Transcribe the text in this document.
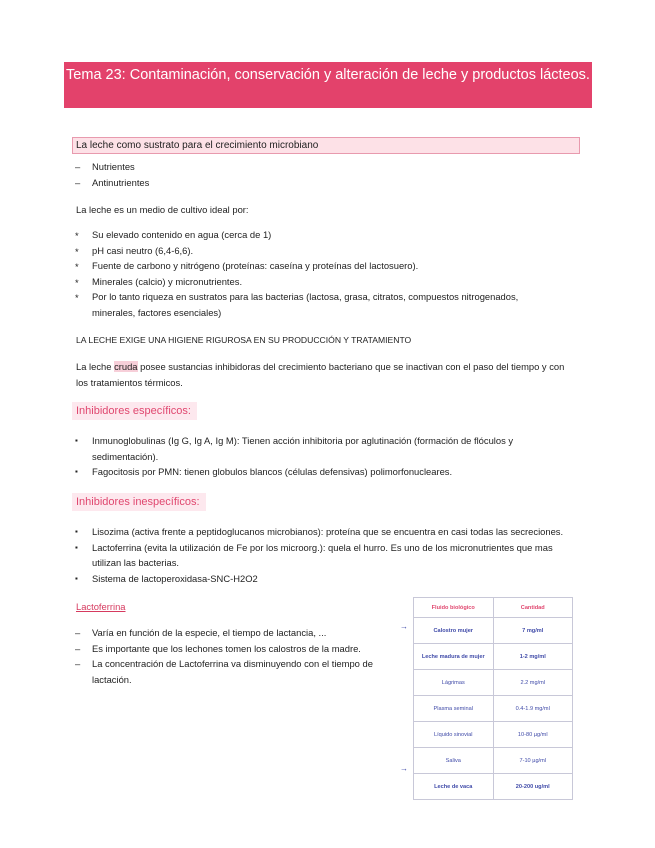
Tema 23: Contaminación, conservación y alteración de leche y productos lácteos.
La leche como sustrato para el crecimiento microbiano
– Nutrientes
– Antinutrientes
La leche es un medio de cultivo ideal por:
* Su elevado contenido en agua (cerca de 1)
* pH casi neutro (6,4-6,6).
* Fuente de carbono y nitrógeno (proteínas: caseína y proteínas del lactosuero).
* Minerales (calcio) y micronutrientes.
* Por lo tanto riqueza en sustratos para las bacterias (lactosa, grasa, citratos, compuestos nitrogenados, minerales, factores esenciales)
LA LECHE EXIGE UNA HIGIENE RIGUROSA EN SU PRODUCCIÓN Y TRATAMIENTO
La leche cruda posee sustancias inhibidoras del crecimiento bacteriano que se inactivan con el paso del tiempo y con los tratamientos térmicos.
Inhibidores específicos:
▪ Inmunoglobulinas (Ig G, Ig A, Ig M): Tienen acción inhibitoria por aglutinación (formación de flóculos y sedimentación).
▪ Fagocitosis por PMN: tienen globulos blancos (células defensivas) polimorfonucleares.
Inhibidores inespecíficos:
▪ Lisozima (activa frente a peptidoglucanos microbianos): proteína que se encuentra en casi todas las secreciones.
▪ Lactoferrina (evita la utilización de Fe por los microorg.): quela el hurro. Es uno de los micronutrientes que mas utilizan las bacterias.
▪ Sistema de lactoperoxidasa-SNC-H2O2
Lactoferrina
– Varía en función de la especie, el tiempo de lactancia, ...
– Es importante que los lechones tomen los calostros de la madre.
– La concentración de Lactoferrina va disminuyendo con el tiempo de lactación.
→
→
Fluido biológico	Cantidad
Calostro mujer	7 mg/ml
Leche madura de mujer	1-2 mg/ml
Lágrimas	2.2 mg/ml
Plasma seminal	0.4-1.9 mg/ml
Líquido sinovial	10-80 µg/ml
Saliva	7-10 µg/ml
Leche de vaca	20-200 ug/ml
